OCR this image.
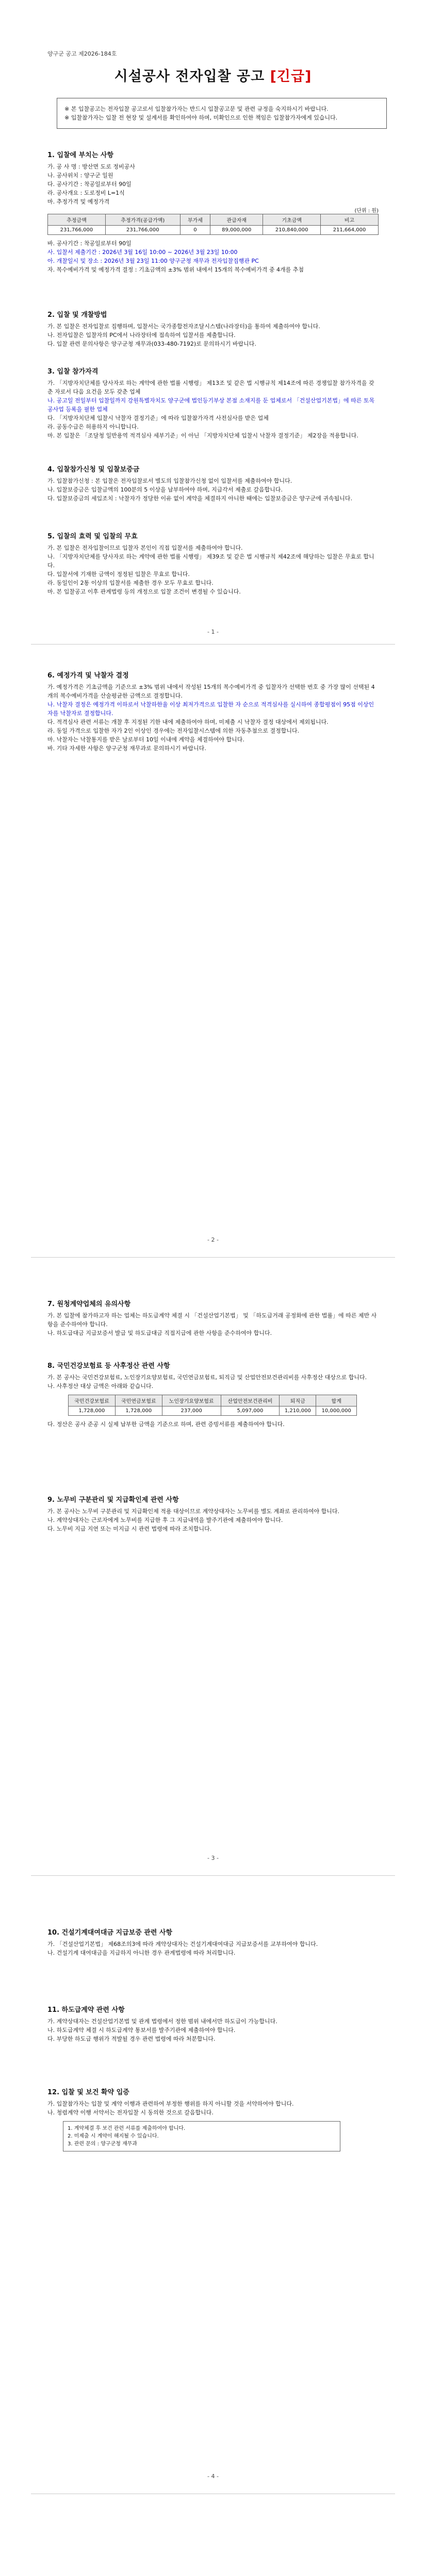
양구군 공고 제2026-184호
시설공사 전자입찰 공고 [긴급]

※ 본 입찰공고는 전자입찰 공고로서 입찰참가자는 반드시 입찰공고문 및 관련 규정을 숙지하시기 바랍니다.

※ 입찰참가자는 입찰 전 현장 및 설계서를 확인하여야 하며, 미확인으로 인한 책임은 입찰참가자에게 있습니다.

1. 입찰에 부치는 사항

가. 공 사 명 : 방산면 도로 정비공사

나. 공사위치 : 양구군 일원

다. 공사기간 : 착공일로부터 90일

라. 공사개요 : 도로정비 L=1식

마. 추정가격 및 예정가격

(단위 : 원)
추정금액	추정가격(공급가액)	부가세	관급자재	기초금액	비고
231,766,000	231,766,000	0	89,000,000	210,840,000	211,664,000

바. 공사기간 : 착공일로부터 90일

사. 입찰서 제출기간 : 2026년 3월 16일 10:00 ~ 2026년 3월 23일 10:00

아. 개찰일시 및 장소 : 2026년 3월 23일 11:00 양구군청 재무과 전자입찰집행관 PC

자. 복수예비가격 및 예정가격 결정 : 기초금액의 ±3% 범위 내에서 15개의 복수예비가격 중 4개를 추첨

2. 입찰 및 개찰방법

가. 본 입찰은 전자입찰로 집행하며, 입찰서는 국가종합전자조달시스템(나라장터)을 통하여 제출하여야 합니다.

나. 전자입찰은 입찰자의 PC에서 나라장터에 접속하여 입찰서를 제출합니다.

다. 입찰 관련 문의사항은 양구군청 재무과(033-480-7192)로 문의하시기 바랍니다.

3. 입찰 참가자격

가. 「지방자치단체를 당사자로 하는 계약에 관한 법률 시행령」 제13조 및 같은 법 시행규칙 제14조에 따른 경쟁입찰 참가자격을 갖춘 자로서 다음 요건을 모두 갖춘 업체

나. 공고일 전일부터 입찰일까지 강원특별자치도 양구군에 법인등기부상 본점 소재지를 둔 업체로서 「건설산업기본법」에 따른 토목공사업 등록을 필한 업체

다. 「지방자치단체 입찰시 낙찰자 결정기준」에 따라 입찰참가자격 사전심사를 받은 업체

라. 공동수급은 허용하지 아니합니다.

마. 본 입찰은 「조달청 일반용역 적격심사 세부기준」이 아닌 「지방자치단체 입찰시 낙찰자 결정기준」 제2장을 적용합니다.

4. 입찰참가신청 및 입찰보증금

가. 입찰참가신청 : 본 입찰은 전자입찰로서 별도의 입찰참가신청 없이 입찰서를 제출하여야 합니다.

나. 입찰보증금은 입찰금액의 100분의 5 이상을 납부하여야 하며, 지급각서 제출로 갈음합니다.

다. 입찰보증금의 세입조치 : 낙찰자가 정당한 이유 없이 계약을 체결하지 아니한 때에는 입찰보증금은 양구군에 귀속됩니다.

5. 입찰의 효력 및 입찰의 무효

가. 본 입찰은 전자입찰이므로 입찰자 본인이 직접 입찰서를 제출하여야 합니다.

나. 「지방자치단체를 당사자로 하는 계약에 관한 법률 시행령」 제39조 및 같은 법 시행규칙 제42조에 해당하는 입찰은 무효로 합니다.

다. 입찰서에 기재한 금액이 정정된 입찰은 무효로 합니다.

라. 동일인이 2통 이상의 입찰서를 제출한 경우 모두 무효로 합니다.

마. 본 입찰공고 이후 관계법령 등의 개정으로 입찰 조건이 변경될 수 있습니다.

- 1 -
6. 예정가격 및 낙찰자 결정

가. 예정가격은 기초금액을 기준으로 ±3% 범위 내에서 작성된 15개의 복수예비가격 중 입찰자가 선택한 번호 중 가장 많이 선택된 4개의 복수예비가격을 산술평균한 금액으로 결정합니다.

나. 낙찰자 결정은 예정가격 이하로서 낙찰하한율 이상 최저가격으로 입찰한 자 순으로 적격심사를 실시하여 종합평점이 95점 이상인 자를 낙찰자로 결정합니다.

다. 적격심사 관련 서류는 개찰 후 지정된 기한 내에 제출하여야 하며, 미제출 시 낙찰자 결정 대상에서 제외됩니다.

라. 동일 가격으로 입찰한 자가 2인 이상인 경우에는 전자입찰시스템에 의한 자동추첨으로 결정합니다.

마. 낙찰자는 낙찰통지를 받은 날로부터 10일 이내에 계약을 체결하여야 합니다.

바. 기타 자세한 사항은 양구군청 재무과로 문의하시기 바랍니다.

- 2 -
7. 원청계약업체의 유의사항

가. 본 입찰에 참가하고자 하는 업체는 하도급계약 체결 시 「건설산업기본법」 및 「하도급거래 공정화에 관한 법률」에 따른 제반 사항을 준수하여야 합니다.

나. 하도급대금 지급보증서 발급 및 하도급대금 직접지급에 관한 사항을 준수하여야 합니다.

8. 국민건강보험료 등 사후정산 관련 사항

가. 본 공사는 국민건강보험료, 노인장기요양보험료, 국민연금보험료, 퇴직금 및 산업안전보건관리비를 사후정산 대상으로 합니다.

나. 사후정산 대상 금액은 아래와 같습니다.

국민건강보험료	국민연금보험료	노인장기요양보험료	산업안전보건관리비	퇴직금	합계
1,728,000	1,728,000	237,000	5,097,000	1,210,000	10,000,000

다. 정산은 공사 준공 시 실제 납부한 금액을 기준으로 하며, 관련 증빙서류를 제출하여야 합니다.

9. 노무비 구분관리 및 지급확인제 관련 사항

가. 본 공사는 노무비 구분관리 및 지급확인제 적용 대상이므로 계약상대자는 노무비를 별도 계좌로 관리하여야 합니다.

나. 계약상대자는 근로자에게 노무비를 지급한 후 그 지급내역을 발주기관에 제출하여야 합니다.

다. 노무비 지급 지연 또는 미지급 시 관련 법령에 따라 조치합니다.

- 3 -
10. 건설기계대여대금 지급보증 관련 사항

가. 「건설산업기본법」 제68조의3에 따라 계약상대자는 건설기계대여대금 지급보증서를 교부하여야 합니다.

나. 건설기계 대여대금을 지급하지 아니한 경우 관계법령에 따라 처리합니다.

11. 하도급계약 관련 사항

가. 계약상대자는 건설산업기본법 및 관계 법령에서 정한 범위 내에서만 하도급이 가능합니다.

나. 하도급계약 체결 시 하도급계약 통보서를 발주기관에 제출하여야 합니다.

다. 부당한 하도급 행위가 적발될 경우 관련 법령에 따라 처분합니다.

12. 입찰 및 보건 확약 입증

가. 입찰참가자는 입찰 및 계약 이행과 관련하여 부정한 행위를 하지 아니할 것을 서약하여야 합니다.

나. 청렴계약 이행 서약서는 전자입찰 시 동의한 것으로 갈음합니다.

1. 계약체결 후 보건 관련 서류를 제출하여야 합니다.
2. 미제출 시 계약이 해지될 수 있습니다.
3. 관련 문의 : 양구군청 재무과
- 4 -
